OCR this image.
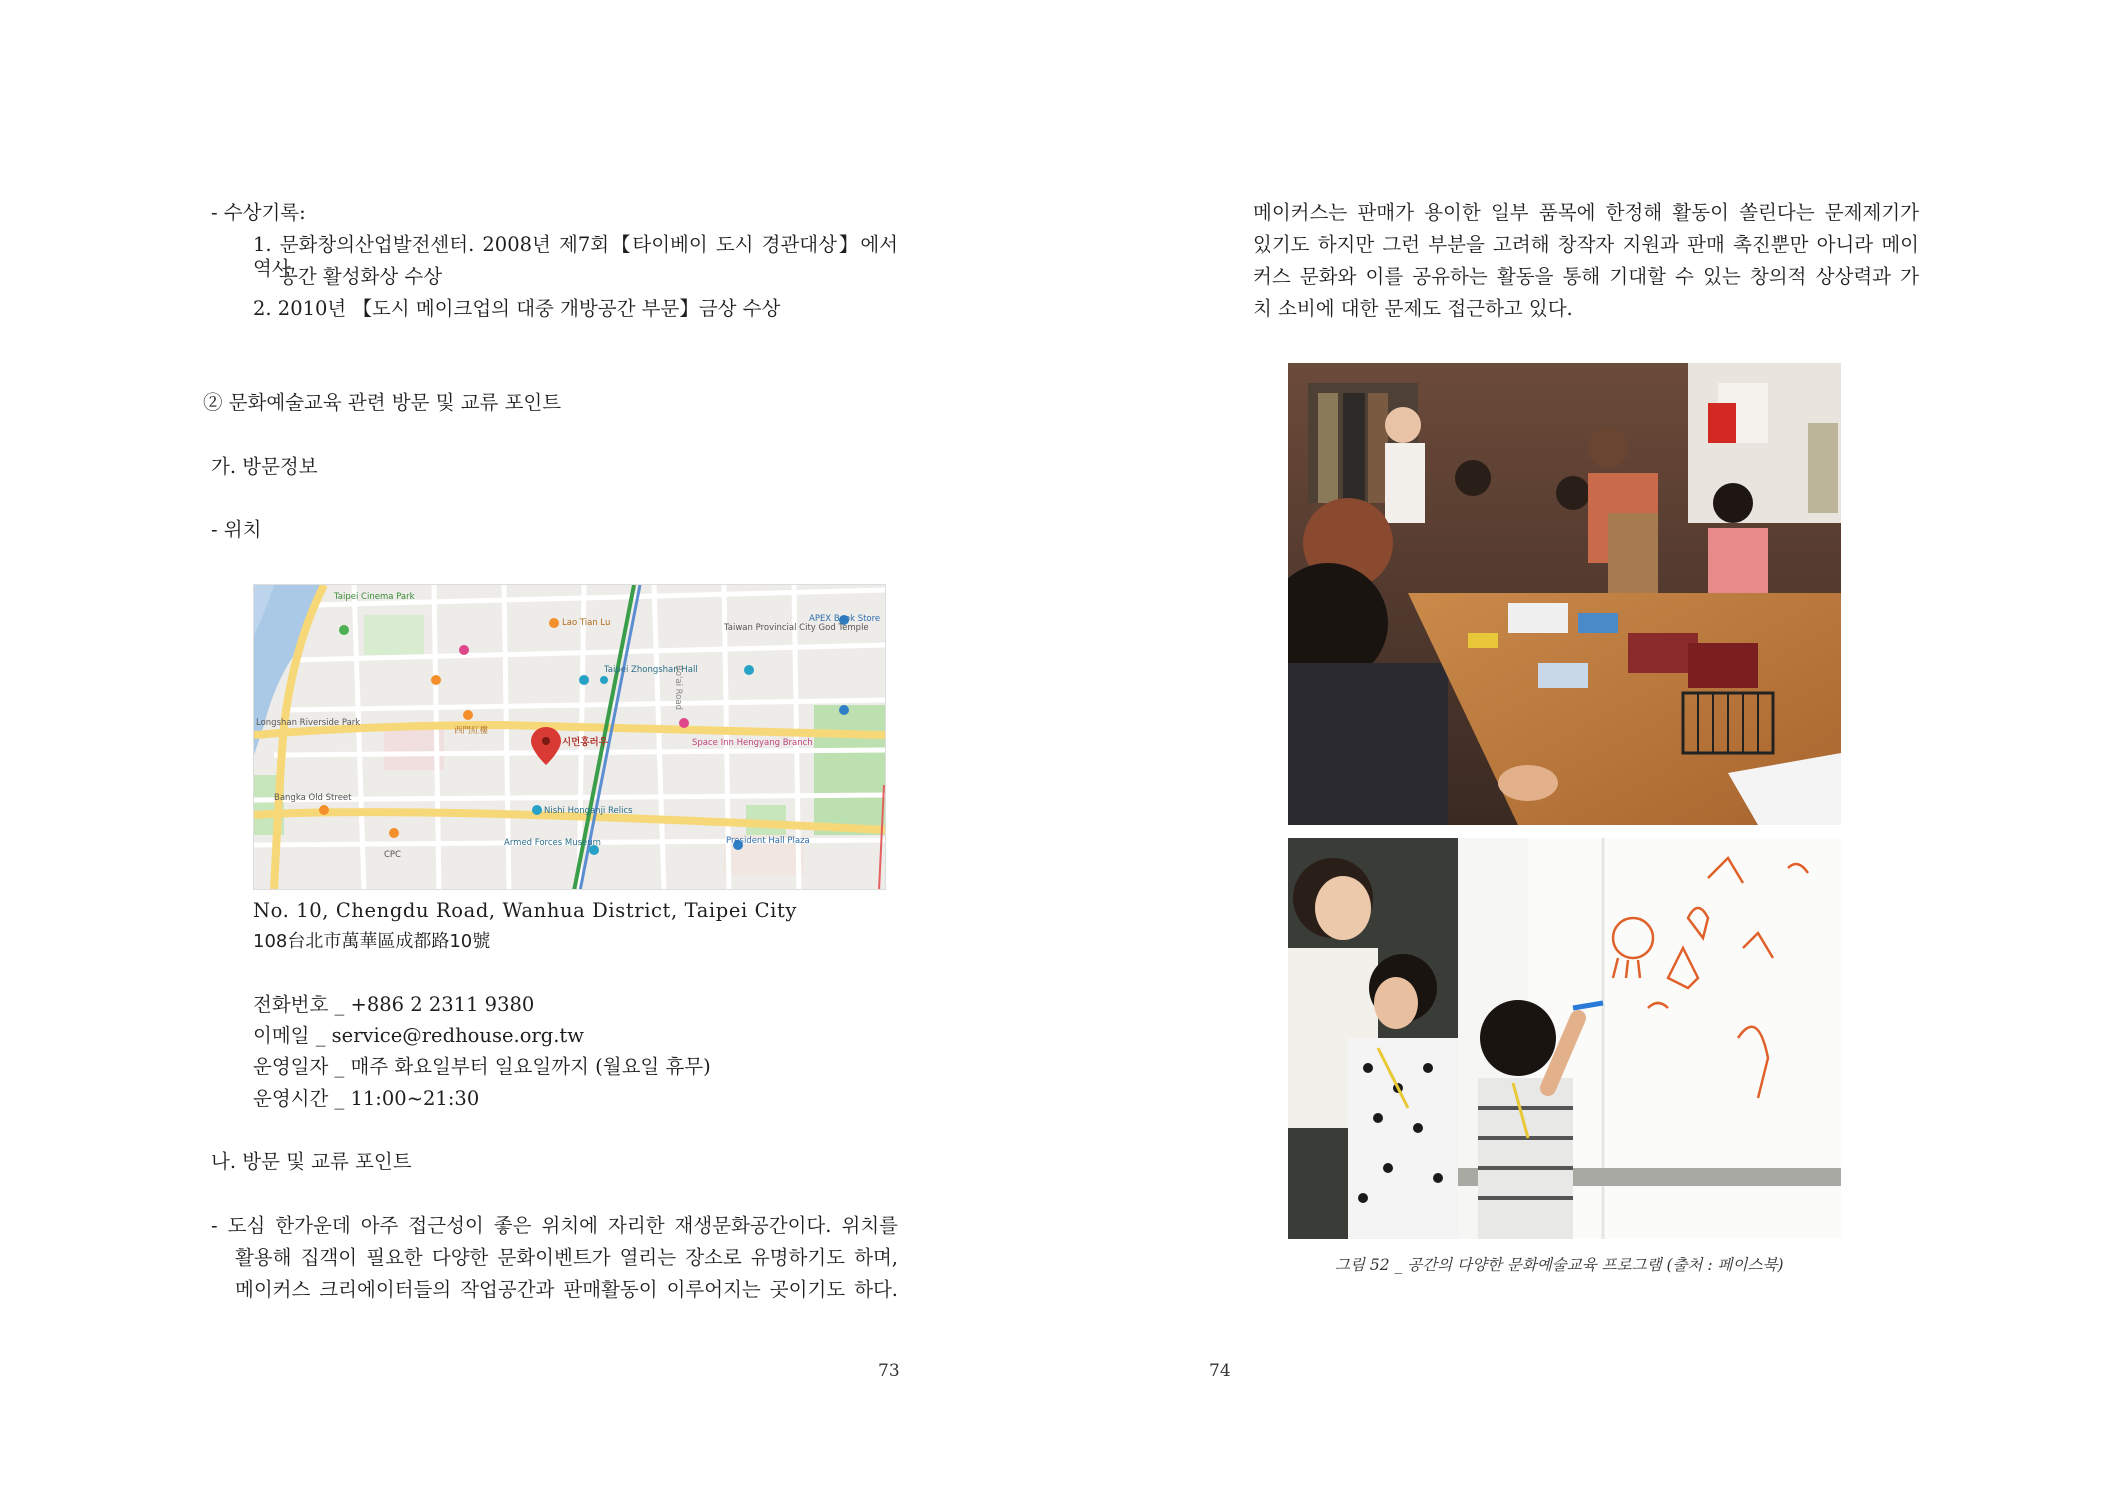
- 수상기록:
1. 문화창의산업발전센터. 2008년 제7회【타이베이 도시 경관대상】에서 역사
공간 활성화상 수상
2. 2010년 【도시 메이크업의 대중 개방공간 부문】금상 수상
② 문화예술교육 관련 방문 및 교류 포인트
가. 방문정보
- 위치
Taipei Cinema Park
Lao Tian Lu	Taiwan Provincial City God Temple
APEX Book Store
Taipei Zhongshan Hall
Longshan Riverside Park
Space Inn Hengyang Branch
Bangka Old Street
Nishi Honganji Relics
Armed Forces Museum	President Hall Plaza
CPC
시먼홍러우
西門紅樓
Bo'ai Road
No. 10, Chengdu Road, Wanhua District, Taipei City
108台北市萬華區成都路10號
전화번호 _ +886 2 2311 9380
이메일 _ service@redhouse.org.tw
운영일자 _ 매주 화요일부터 일요일까지 (월요일 휴무)
운영시간 _ 11:00~21:30
나. 방문 및 교류 포인트
- 도심 한가운데 아주 접근성이 좋은 위치에 자리한 재생문화공간이다. 위치를
활용해 집객이 필요한 다양한 문화이벤트가 열리는 장소로 유명하기도 하며,
메이커스 크리에이터들의 작업공간과 판매활동이 이루어지는 곳이기도 하다.
73
메이커스는 판매가 용이한 일부 품목에 한정해 활동이 쏠린다는 문제제기가
있기도 하지만 그런 부분을 고려해 창작자 지원과 판매 촉진뿐만 아니라 메이
커스 문화와 이를 공유하는 활동을 통해 기대할 수 있는 창의적 상상력과 가
치 소비에 대한 문제도 접근하고 있다.
그림 52 _ 공간의 다양한 문화예술교육 프로그램 (출처 : 페이스북)
74
